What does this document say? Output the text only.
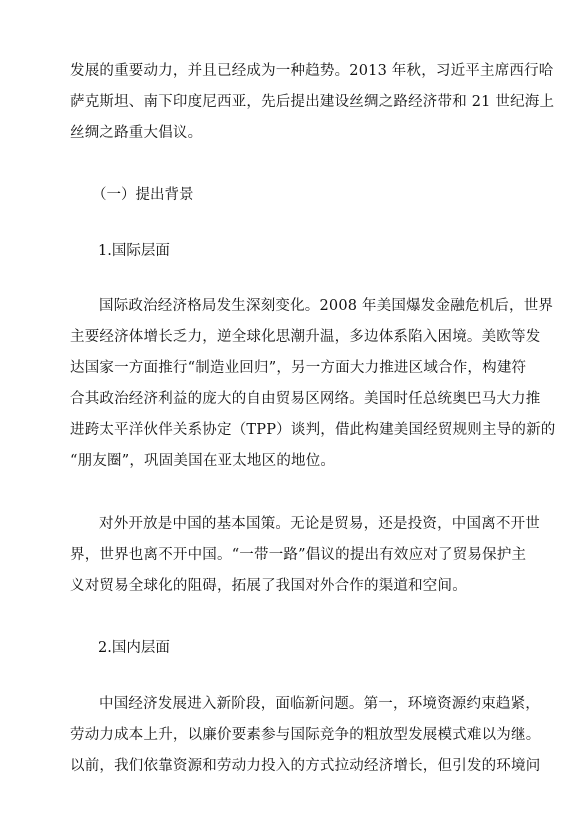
发展的重要动力，并且已经成为一种趋势。2013 年秋，习近平主席西行哈
萨克斯坦、南下印度尼西亚，先后提出建设丝绸之路经济带和 21 世纪海上
丝绸之路重大倡议。
（一）提出背景
1.国际层面
国际政治经济格局发生深刻变化。2008 年美国爆发金融危机后，世界
主要经济体增长乏力，逆全球化思潮升温，多边体系陷入困境。美欧等发
达国家一方面推行“制造业回归”，另一方面大力推进区域合作，构建符
合其政治经济利益的庞大的自由贸易区网络。美国时任总统奥巴马大力推
进跨太平洋伙伴关系协定（TPP）谈判，借此构建美国经贸规则主导的新的
“朋友圈”，巩固美国在亚太地区的地位。
对外开放是中国的基本国策。无论是贸易，还是投资，中国离不开世
界，世界也离不开中国。“一带一路”倡议的提出有效应对了贸易保护主
义对贸易全球化的阻碍，拓展了我国对外合作的渠道和空间。
2.国内层面
中国经济发展进入新阶段，面临新问题。第一，环境资源约束趋紧，
劳动力成本上升，以廉价要素参与国际竞争的粗放型发展模式难以为继。
以前，我们依靠资源和劳动力投入的方式拉动经济增长，但引发的环境问
